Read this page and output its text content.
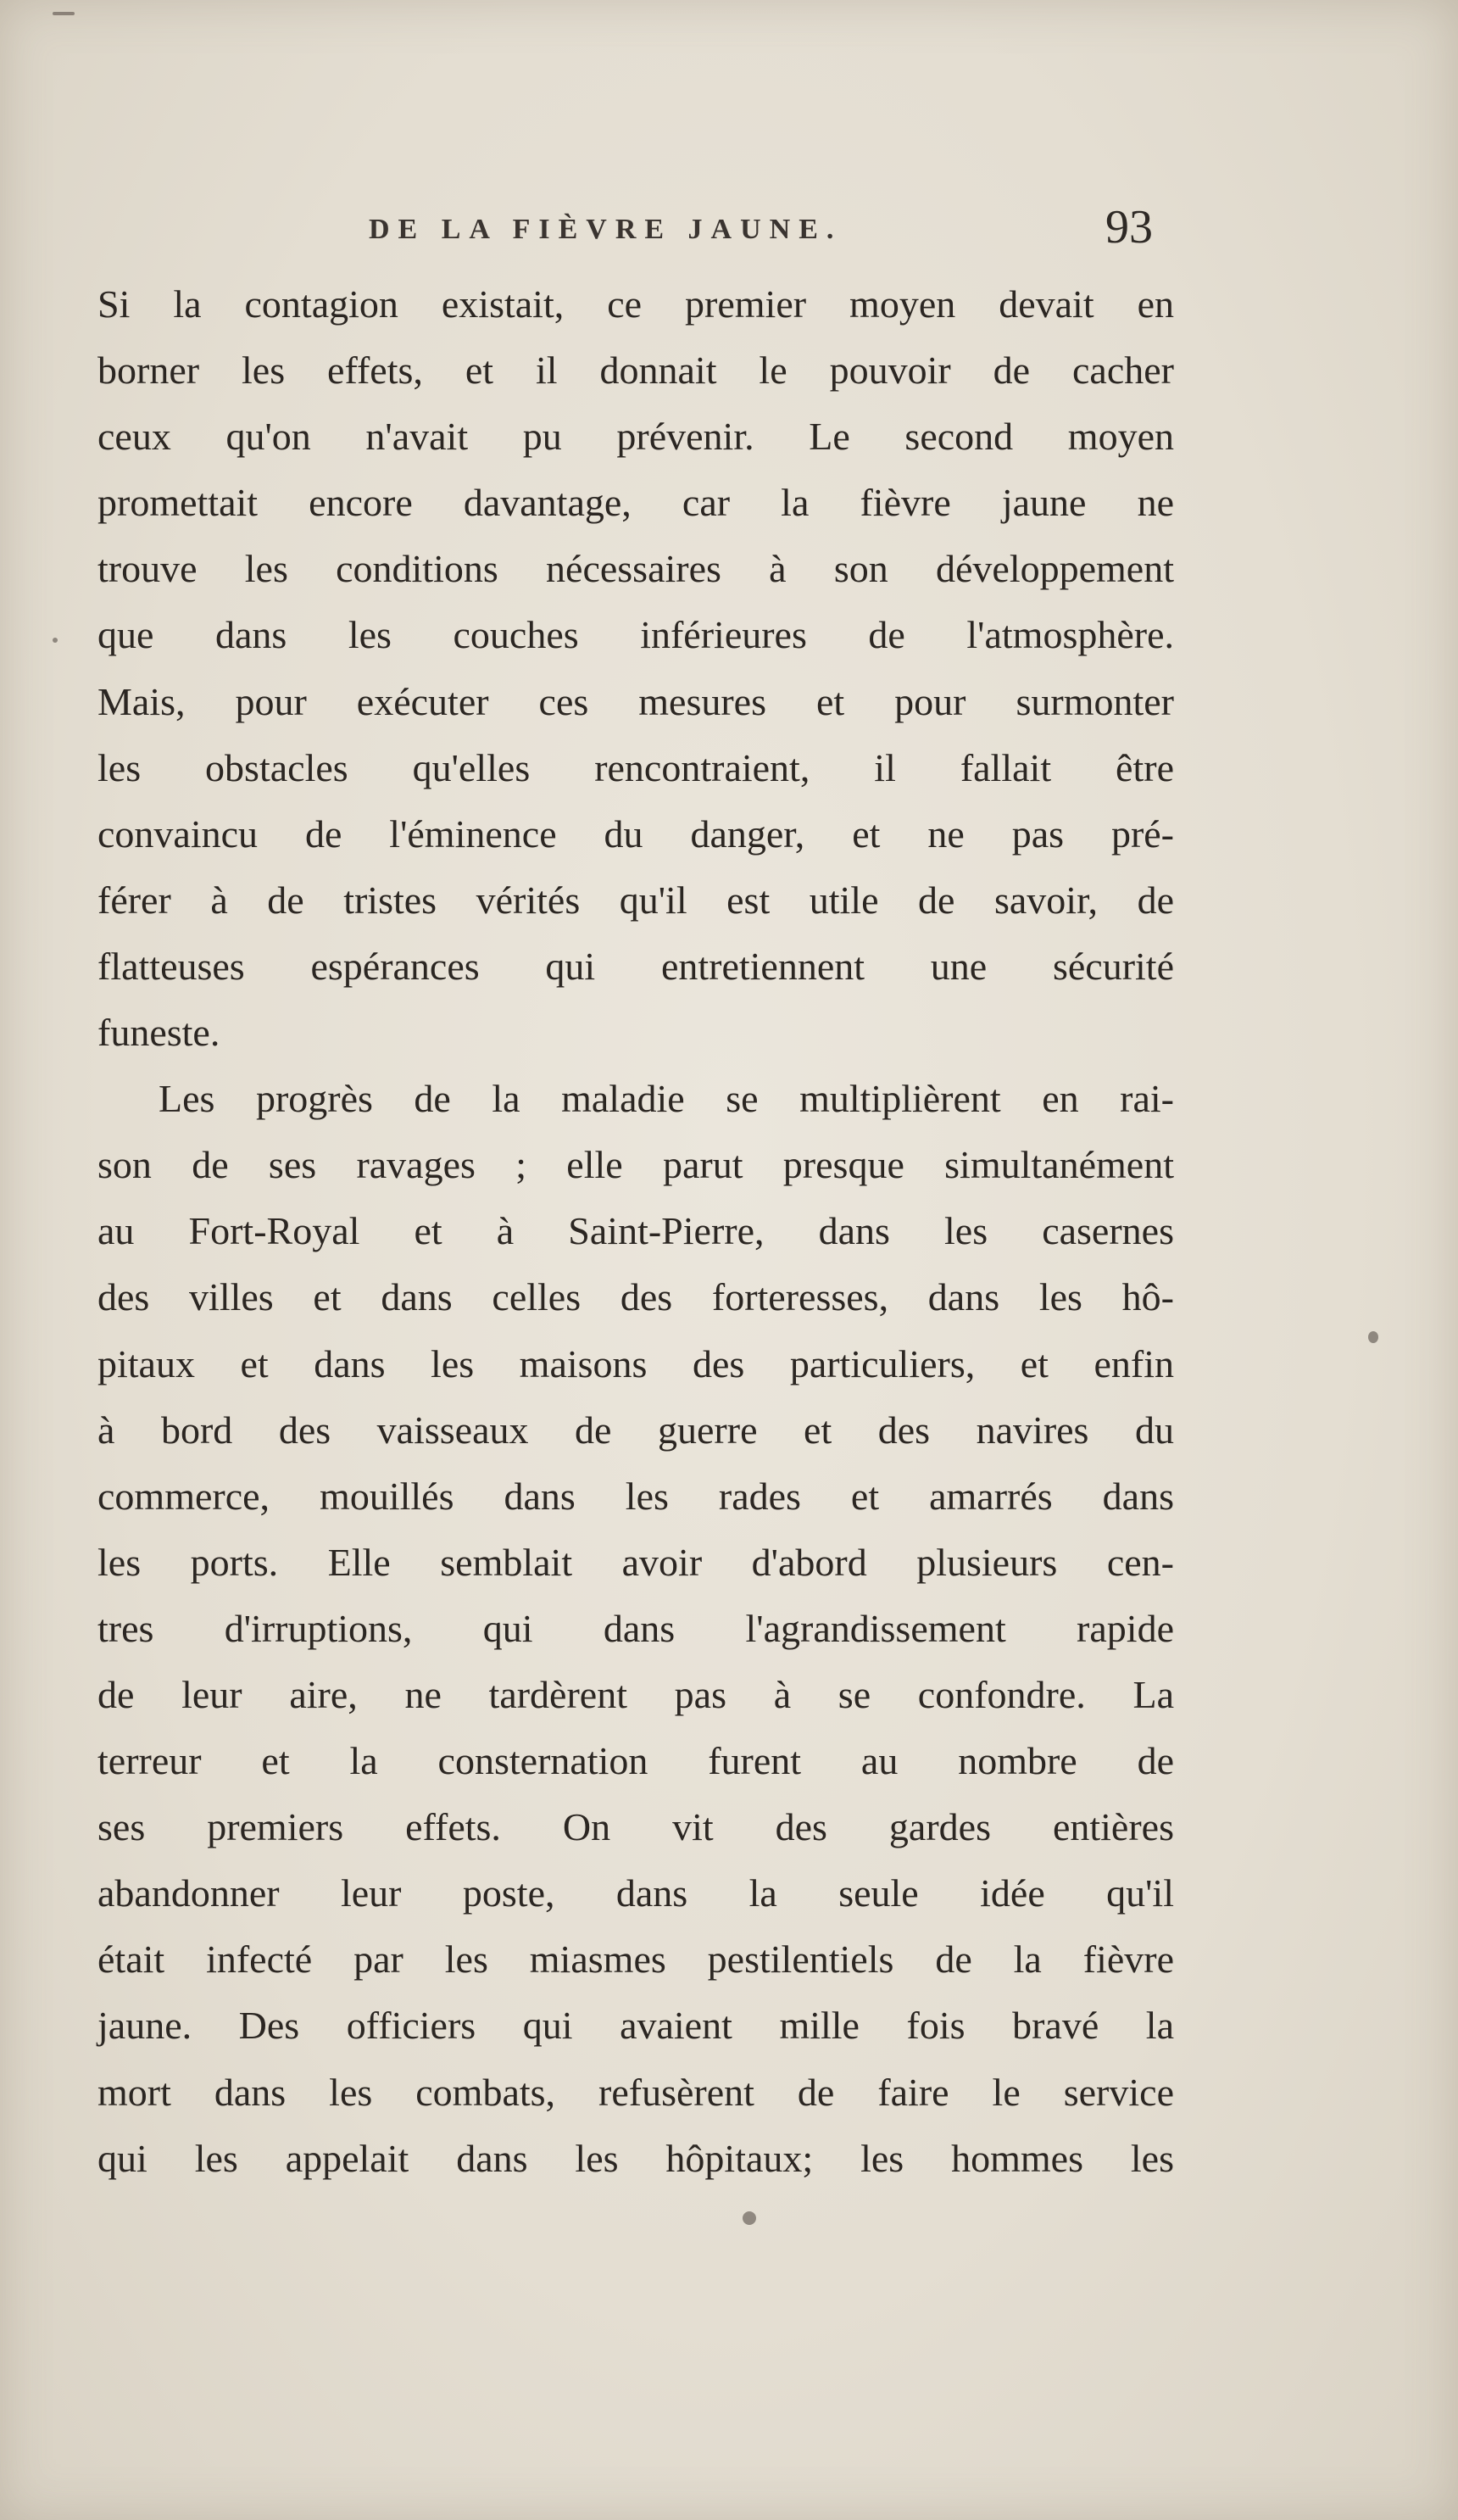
DE LA FIÈVRE JAUNE.	93
Si la contagion existait, ce premier moyen devait en
borner les effets, et il donnait le pouvoir de cacher
ceux qu'on n'avait pu prévenir. Le second moyen
promettait encore davantage, car la fièvre jaune ne
trouve les conditions nécessaires à son développement
que dans les couches inférieures de l'atmosphère.
Mais, pour exécuter ces mesures et pour surmonter
les obstacles qu'elles rencontraient, il fallait être
convaincu de l'éminence du danger, et ne pas pré-
férer à de tristes vérités qu'il est utile de savoir, de
flatteuses espérances qui entretiennent une sécurité
funeste.
Les progrès de la maladie se multiplièrent en rai-
son de ses ravages ; elle parut presque simultanément
au Fort-Royal et à Saint-Pierre, dans les casernes
des villes et dans celles des forteresses, dans les hô-
pitaux et dans les maisons des particuliers, et enfin
à bord des vaisseaux de guerre et des navires du
commerce, mouillés dans les rades et amarrés dans
les ports. Elle semblait avoir d'abord plusieurs cen-
tres d'irruptions, qui dans l'agrandissement rapide
de leur aire, ne tardèrent pas à se confondre. La
terreur et la consternation furent au nombre de
ses premiers effets. On vit des gardes entières
abandonner leur poste, dans la seule idée qu'il
était infecté par les miasmes pestilentiels de la fièvre
jaune. Des officiers qui avaient mille fois bravé la
mort dans les combats, refusèrent de faire le service
qui les appelait dans les hôpitaux; les hommes les
